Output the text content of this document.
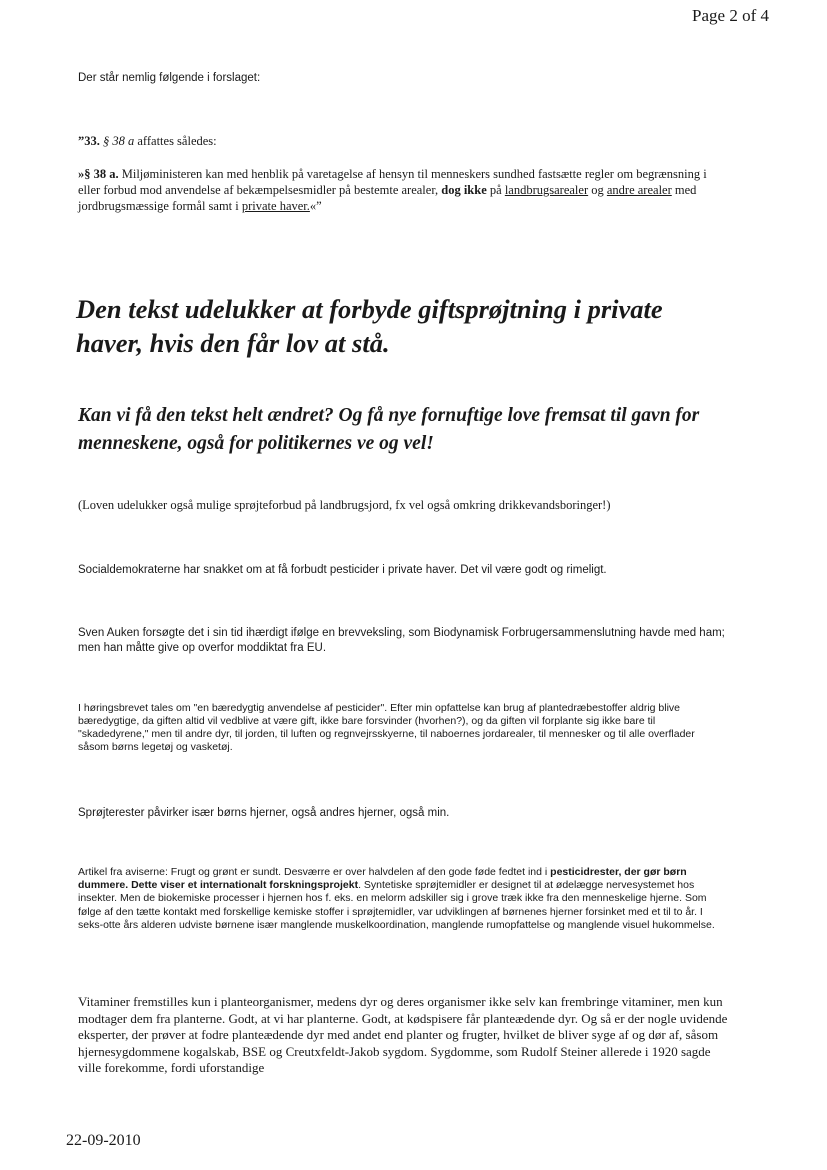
Page 2 of 4

Der står nemlig følgende i forslaget:

”33. § 38 a affattes således:

»§ 38 a. Miljøministeren kan med henblik på varetagelse af hensyn til menneskers sundhed fastsætte regler om begrænsning i eller forbud mod anvendelse af bekæmpelsesmidler på bestemte arealer, dog ikke på landbrugsarealer og andre arealer med jordbrugsmæssige formål samt i private haver.«”

Den tekst udelukker at forbyde giftsprøjtning i private haver, hvis den får lov at stå.
Kan vi få den tekst helt ændret? Og få nye fornuftige love fremsat til gavn for menneskene, også for politikernes ve og vel!

(Loven udelukker også mulige sprøjteforbud på landbrugsjord, fx vel også omkring drikkevandsboringer!)

Socialdemokraterne har snakket om at få forbudt pesticider i private haver. Det vil være godt og rimeligt.

Sven Auken forsøgte det i sin tid ihærdigt ifølge en brevveksling, som Biodynamisk Forbrugersammenslutning havde med ham; men han måtte give op overfor moddiktat fra EU.

I høringsbrevet tales om "en bæredygtig anvendelse af pesticider". Efter min opfattelse kan brug af plantedræbestoffer aldrig blive bæredygtige, da giften altid vil vedblive at være gift, ikke bare forsvinder (hvorhen?), og da giften vil forplante sig ikke bare til "skadedyrene," men til andre dyr, til jorden, til luften og regnvejrsskyerne, til naboernes jordarealer, til mennesker og til alle overflader såsom børns legetøj og vasketøj.

Sprøjterester påvirker især børns hjerner, også andres hjerner, også min.

Artikel fra aviserne: Frugt og grønt er sundt. Desværre er over halvdelen af den gode føde fedtet ind i pesticidrester, der gør børn dummere. Dette viser et internationalt forskningsprojekt. Syntetiske sprøjtemidler er designet til at ødelægge nervesystemet hos insekter. Men de biokemiske processer i hjernen hos f. eks. en melorm adskiller sig i grove træk ikke fra den menneskelige hjerne. Som følge af den tætte kontakt med forskellige kemiske stoffer i sprøjtemidler, var udviklingen af børnenes hjerner forsinket med et til to år. I seks-otte års alderen udviste børnene især manglende muskelkoordination, manglende rumopfattelse og manglende visuel hukommelse.

Vitaminer fremstilles kun i planteorganismer, medens dyr og deres organismer ikke selv kan frembringe vitaminer, men kun modtager dem fra planterne. Godt, at vi har planterne. Godt, at kødspisere får planteædende dyr. Og så er der nogle uvidende eksperter, der prøver at fodre planteædende dyr med andet end planter og frugter, hvilket de bliver syge af og dør af, såsom hjernesygdommene kogalskab, BSE og Creutxfeldt-Jakob sygdom. Sygdomme, som Rudolf Steiner allerede i 1920 sagde ville forekomme, fordi uforstandige

22-09-2010
